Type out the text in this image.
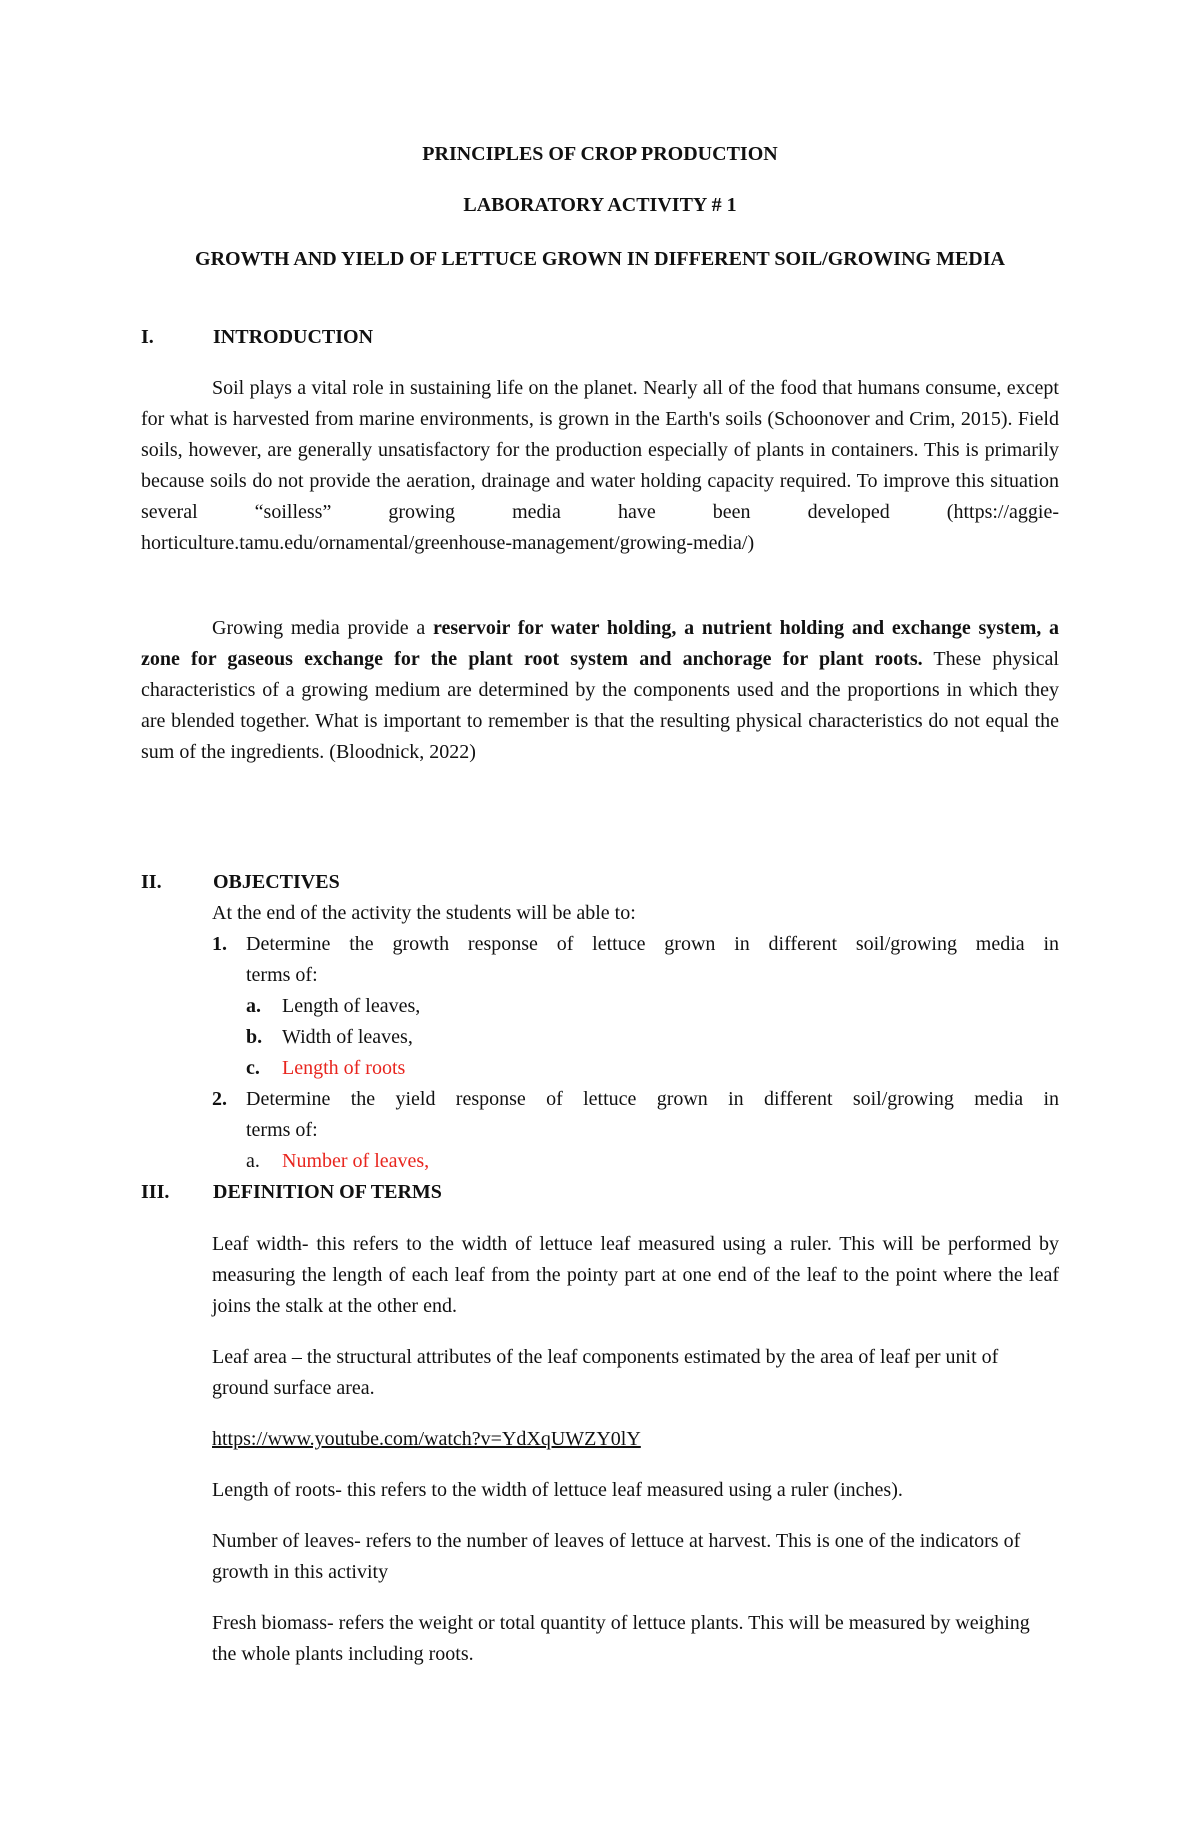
PRINCIPLES OF CROP PRODUCTION
LABORATORY ACTIVITY # 1
GROWTH AND YIELD OF LETTUCE GROWN IN DIFFERENT SOIL/GROWING MEDIA
I.	INTRODUCTION
Soil plays a vital role in sustaining life on the planet. Nearly all of the food that humans consume, except for what is harvested from marine environments, is grown in the Earth's soils (Schoonover and Crim, 2015). Field soils, however, are generally unsatisfactory for the production especially of plants in containers. This is primarily because soils do not provide the aeration, drainage and water holding capacity required. To improve this situation several “soilless” growing media have been developed (https://aggie-horticulture.tamu.edu/ornamental/greenhouse-management/growing-media/)
Growing media provide a reservoir for water holding, a nutrient holding and exchange system, a zone for gaseous exchange for the plant root system and anchorage for plant roots. These physical characteristics of a growing medium are determined by the components used and the proportions in which they are blended together. What is important to remember is that the resulting physical characteristics do not equal the sum of the ingredients. (Bloodnick, 2022)
II.	OBJECTIVES
At the end of the activity the students will be able to:
1. Determine the growth response of lettuce grown in different soil/growing media in
terms of:
a. Length of leaves,
b. Width of leaves,
c. Length of roots
2. Determine the yield response of lettuce grown in different soil/growing media in
terms of:
a. Number of leaves,
III. DEFINITION OF TERMS

Leaf width- this refers to the width of lettuce leaf measured using a ruler. This will be performed by measuring the length of each leaf from the pointy part at one end of the leaf to the point where the leaf joins the stalk at the other end.

Leaf area – the structural attributes of the leaf components estimated by the area of leaf per unit of ground surface area.

https://www.youtube.com/watch?v=YdXqUWZY0lY

Length of roots- this refers to the width of lettuce leaf measured using a ruler (inches).

Number of leaves- refers to the number of leaves of lettuce at harvest. This is one of the indicators of growth in this activity

Fresh biomass- refers the weight or total quantity of lettuce plants. This will be measured by weighing the whole plants including roots.
